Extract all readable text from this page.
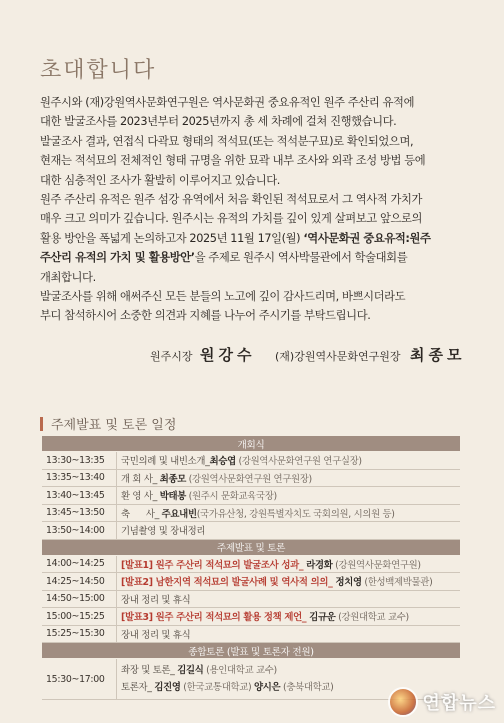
초대합니다

원주시와 (재)강원역사문화연구원은 역사문화권 중요유적인 원주 주산리 유적에
대한 발굴조사를 2023년부터 2025년까지 총 세 차례에 걸쳐 진행했습니다.

발굴조사 결과, 연접식 다곽묘 형태의 적석묘(또는 적석분구묘)로 확인되었으며,
현재는 적석묘의 전체적인 형태 규명을 위한 묘곽 내부 조사와 외곽 조성 방법 등에
대한 심층적인 조사가 활발히 이루어지고 있습니다.

원주 주산리 유적은 원주 섬강 유역에서 처음 확인된 적석묘로서 그 역사적 가치가
매우 크고 의미가 깊습니다. 원주시는 유적의 가치를 깊이 있게 살펴보고 앞으로의
활용 방안을 폭넓게 논의하고자 2025년 11월 17일(월) ‘역사문화권 중요유적:원주
주산리 유적의 가치 및 활용방안’을 주제로 원주시 역사박물관에서 학술대회를
개최합니다.

발굴조사를 위해 애써주신 모든 분들의 노고에 깊이 감사드리며, 바쁘시더라도
부디 참석하시어 소중한 의견과 지혜를 나누어 주시기를 부탁드립니다.

원주시장 원강수 (재)강원역사문화연구원장 최종모
주제발표 및 토론 일정
개회식	
13:30~13:35	국민의례 및 내빈소개_최승엽 (강원역사문화연구원 연구실장)
13:35~13:40	개 회 사_ 최종모 (강원역사문화연구원 연구원장)
13:40~13:45	환 영 사_ 박태봉 (원주시 문화교육국장)
13:45~13:50	축      사_ 주요내빈(국가유산청, 강원특별자치도 국회의원, 시의원 등)
13:50~14:00	기념촬영 및 장내정리
주제발표 및 토론	
14:00~14:25	[발표1] 원주 주산리 적석묘의 발굴조사 성과_ 라경화 (강원역사문화연구원)
14:25~14:50	[발표2] 남한지역 적석묘의 발굴사례 및 역사적 의의_ 정치영 (한성백제박물관)
14:50~15:00	장내 정리 및 휴식
15:00~15:25	[발표3] 원주 주산리 적석묘의 활용 정책 제언_ 김규운 (강원대학교 교수)
15:25~15:30	장내 정리 및 휴식
종합토론 (발표 및 토론자 전원)	
15:30~17:00	좌장 및 토론_ 김길식 (용인대학교 교수)
토론자_ 김진영 (한국교통대학교) 양시은 (충북대학교)
연합뉴스
